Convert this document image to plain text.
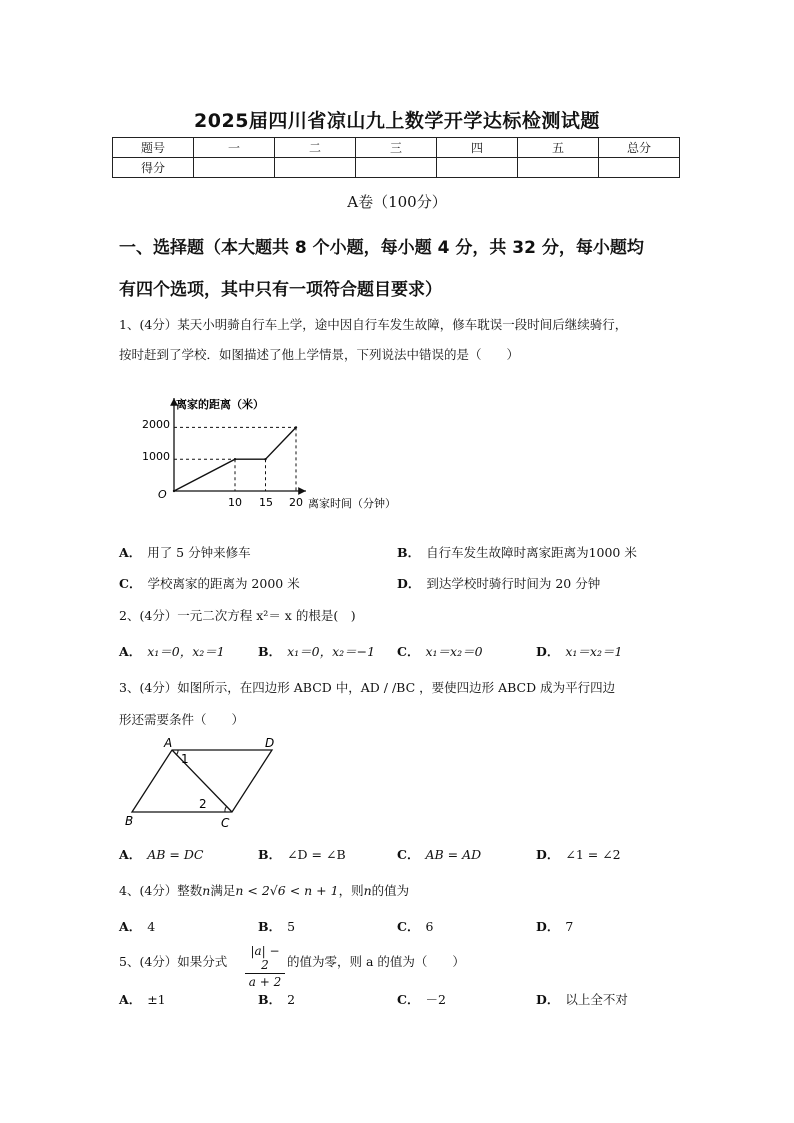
2025届四川省凉山九上数学开学达标检测试题
题号	一	二	三	四	五	总分
得分						
A卷（100分）
一、选择题（本大题共 8 个小题，每小题 4 分，共 32 分，每小题均
有四个选项，其中只有一项符合题目要求）
1、(4分）某天小明骑自行车上学，途中因自行车发生故障，修车耽误一段时间后继续骑行，
按时赶到了学校．如图描述了他上学情景，下列说法中错误的是（　　）
离家的距离（米）
离家时间（分钟）
O
2000
1000
10 15 20
A． 用了 5 分钟来修车	B． 自行车发生故障时离家距离为1000 米
C． 学校离家的距离为 2000 米	D． 到达学校时骑行时间为 20 分钟
2、(4分）一元二次方程 x²＝ x 的根是(　)
A． x₁＝0，x₂＝1	B． x₁＝0，x₂＝−1 C． x₁＝x₂＝0	D． x₁＝x₂＝1
3、(4分）如图所示，在四边形 ABCD 中，AD / /BC ，要使四边形 ABCD 成为平行四边
形还需要条件（　　）
A	D
B	C
1
2
A． AB = DC	B． ∠D = ∠B	C． AB = AD	D． ∠1 = ∠2
4、(4分）整数n满足n < 2√6 < n + 1，则n的值为
A． 4	B． 5	C． 6	D． 7
5、(4分）如果分式 $\frac{|a| - 2}{a + 2}$ 的值为零，则 a 的值为（　　）
A． ±1	B． 2	C． －2	D． 以上全不对
